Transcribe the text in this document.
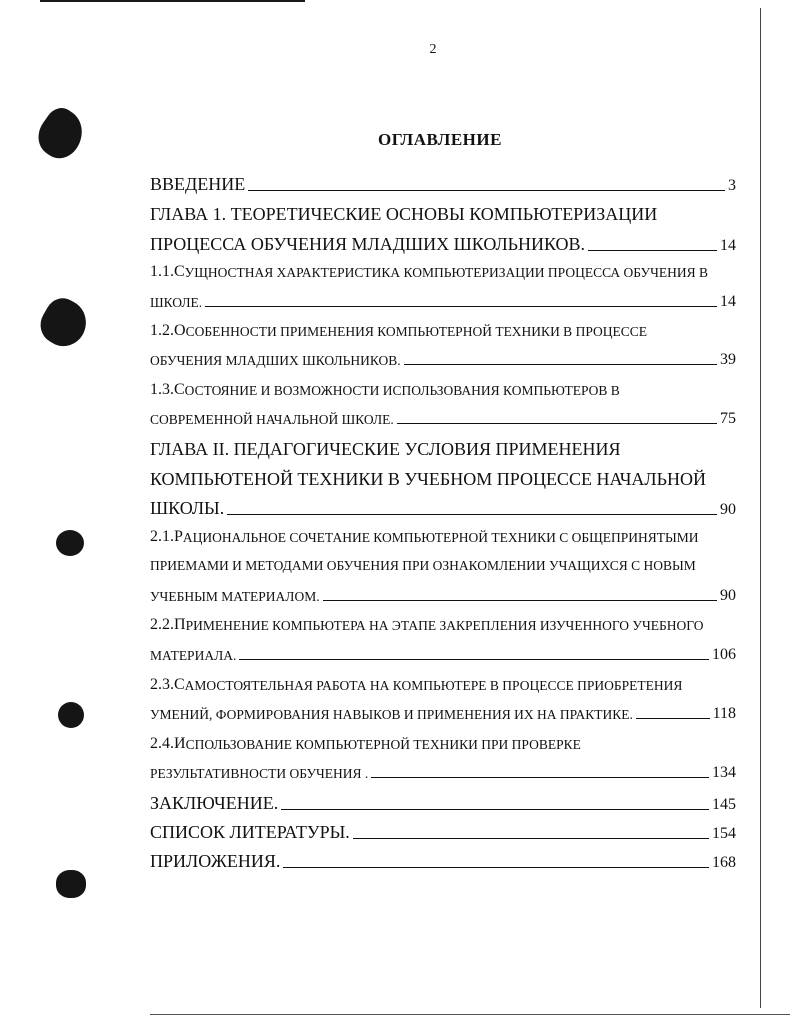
2
ОГЛАВЛЕНИЕ
ВВЕДЕНИЕ	3
ГЛАВА 1. ТЕОРЕТИЧЕСКИЕ ОСНОВЫ КОМПЬЮТЕРИЗАЦИИ
ПРОЦЕССА ОБУЧЕНИЯ МЛАДШИХ ШКОЛЬНИКОВ.	14
1.1. С УЩНОСТНАЯ ХАРАКТЕРИСТИКА КОМПЬЮТЕРИЗАЦИИ ПРОЦЕССА ОБУЧЕНИЯ В
ШКОЛЕ.	14
1.2. О СОБЕННОСТИ ПРИМЕНЕНИЯ КОМПЬЮТЕРНОЙ ТЕХНИКИ В ПРОЦЕССЕ
ОБУЧЕНИЯ МЛАДШИХ ШКОЛЬНИКОВ.	39
1.3. С ОСТОЯНИЕ И ВОЗМОЖНОСТИ ИСПОЛЬЗОВАНИЯ КОМПЬЮТЕРОВ В
СОВРЕМЕННОЙ НАЧАЛЬНОЙ ШКОЛЕ.	75
ГЛАВА II. ПЕДАГОГИЧЕСКИЕ УСЛОВИЯ ПРИМЕНЕНИЯ
КОМПЬЮТЕНОЙ ТЕХНИКИ В УЧЕБНОМ ПРОЦЕССЕ НАЧАЛЬНОЙ
ШКОЛЫ.	90
2.1. Р АЦИОНАЛЬНОЕ СОЧЕТАНИЕ КОМПЬЮТЕРНОЙ ТЕХНИКИ С ОБЩЕПРИНЯТЫМИ
ПРИЕМАМИ И МЕТОДАМИ ОБУЧЕНИЯ ПРИ ОЗНАКОМЛЕНИИ УЧАЩИХСЯ С НОВЫМ
УЧЕБНЫМ МАТЕРИАЛОМ.	90
2.2. П РИМЕНЕНИЕ КОМПЬЮТЕРА НА ЭТАПЕ ЗАКРЕПЛЕНИЯ ИЗУЧЕННОГО УЧЕБНОГО
МАТЕРИАЛА.	106
2.3. С АМОСТОЯТЕЛЬНАЯ РАБОТА НА КОМПЬЮТЕРЕ В ПРОЦЕССЕ ПРИОБРЕТЕНИЯ
УМЕНИЙ, ФОРМИРОВАНИЯ НАВЫКОВ И ПРИМЕНЕНИЯ ИХ НА ПРАКТИКЕ.	118
2.4. И СПОЛЬЗОВАНИЕ КОМПЬЮТЕРНОЙ ТЕХНИКИ ПРИ ПРОВЕРКЕ
РЕЗУЛЬТАТИВНОСТИ ОБУЧЕНИЯ .	134
ЗАКЛЮЧЕНИЕ.	145
СПИСОК ЛИТЕРАТУРЫ.	154
ПРИЛОЖЕНИЯ.	168
